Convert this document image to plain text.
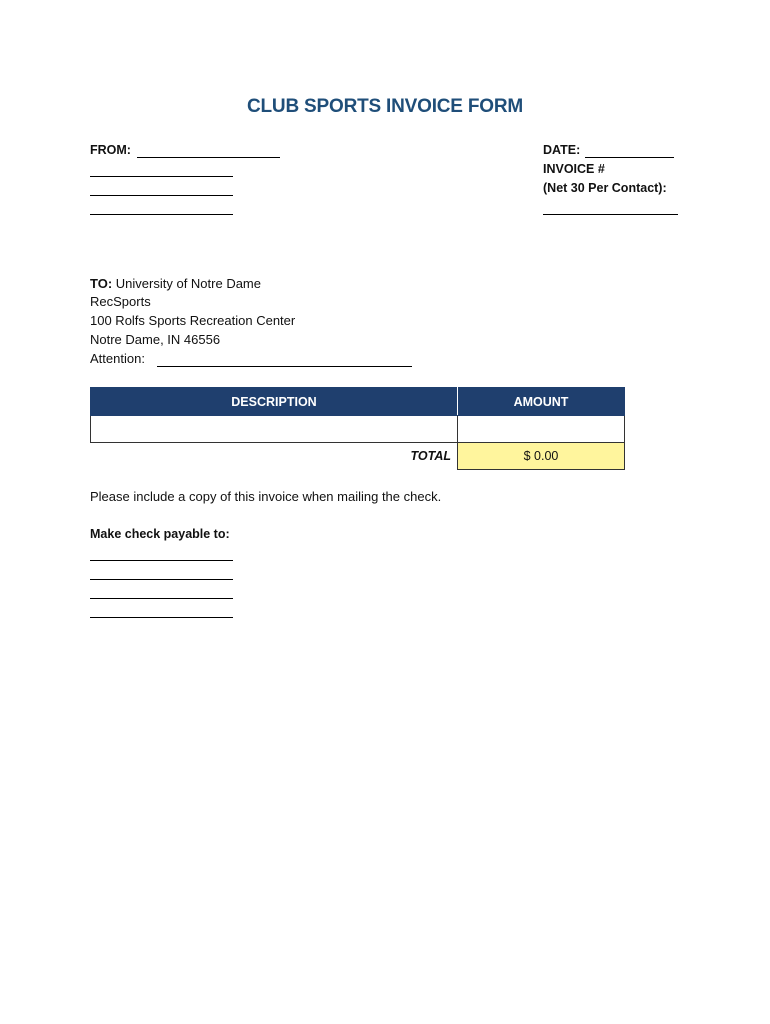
CLUB SPORTS INVOICE FORM
FROM:	DATE:
INVOICE #
(Net 30 Per Contact):
TO: University of Notre Dame
RecSports
100 Rolfs Sports Recreation Center
Notre Dame, IN 46556
Attention:
DESCRIPTION	AMOUNT

TOTAL	$ 0.00
Please include a copy of this invoice when mailing the check.
Make check payable to:
